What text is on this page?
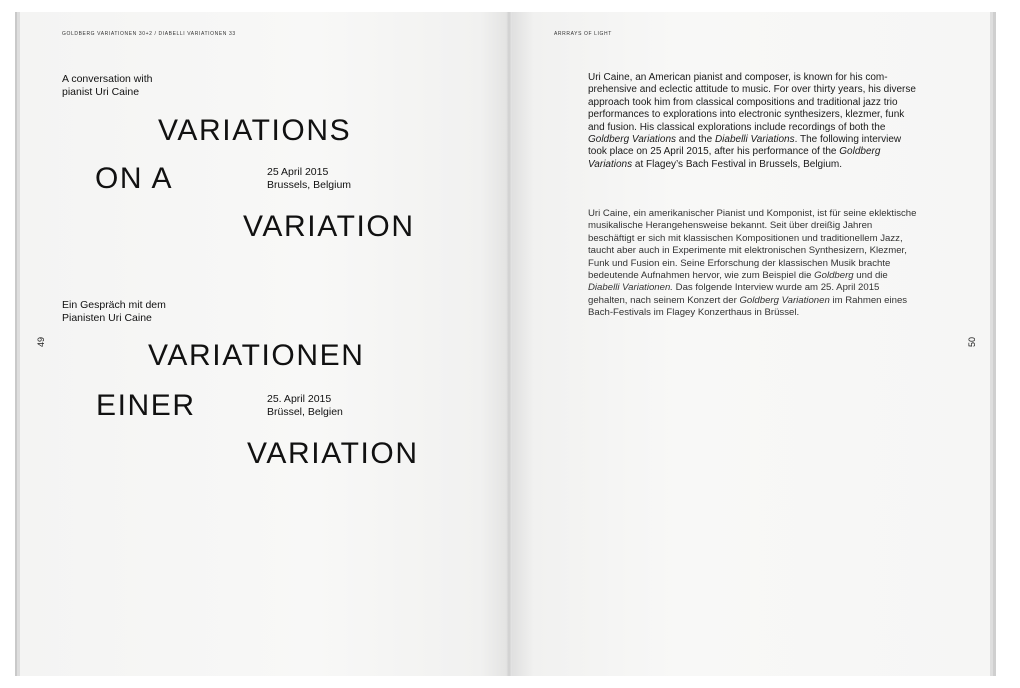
GOLDBERG VARIATIONEN 30+2 / DIABELLI VARIATIONEN 33
49
A conversation with
pianist Uri Caine
VARIATIONS
ON A	25 April 2015
Brussels, Belgium
VARIATION
Ein Gespräch mit dem
Pianisten Uri Caine
VARIATIONEN
EINER	25. April 2015
Brüssel, Belgien
VARIATION
ARRRAYS OF LIGHT
50
Uri Caine, an American pianist and composer, is known for his comprehensive and eclectic attitude to music. For over thirty years, his diverse approach took him from classical compositions and traditional jazz trio performances to explorations into electronic synthesizers, klezmer, funk and fusion. His classical explorations include recordings of both the Goldberg Variations and the Diabelli Variations. The following interview took place on 25 April 2015, after his performance of the Goldberg Variations at Flagey’s Bach Festival in Brussels, Belgium.
Uri Caine, ein amerikanischer Pianist und Komponist, ist für seine eklektische musikalische Herangehensweise bekannt. Seit über dreißig Jahren beschäftigt er sich mit klassischen Kompositionen und traditionellem Jazz, taucht aber auch in Experimente mit elektronischen Synthesizern, Klezmer, Funk und Fusion ein. Seine Erforschung der klassischen Musik brachte bedeutende Aufnahmen hervor, wie zum Beispiel die Goldberg und die Diabelli Variationen. Das folgende Interview wurde am 25. April 2015 gehalten, nach seinem Konzert der Goldberg Variationen im Rahmen eines Bach-Festivals im Flagey Konzerthaus in Brüssel.
